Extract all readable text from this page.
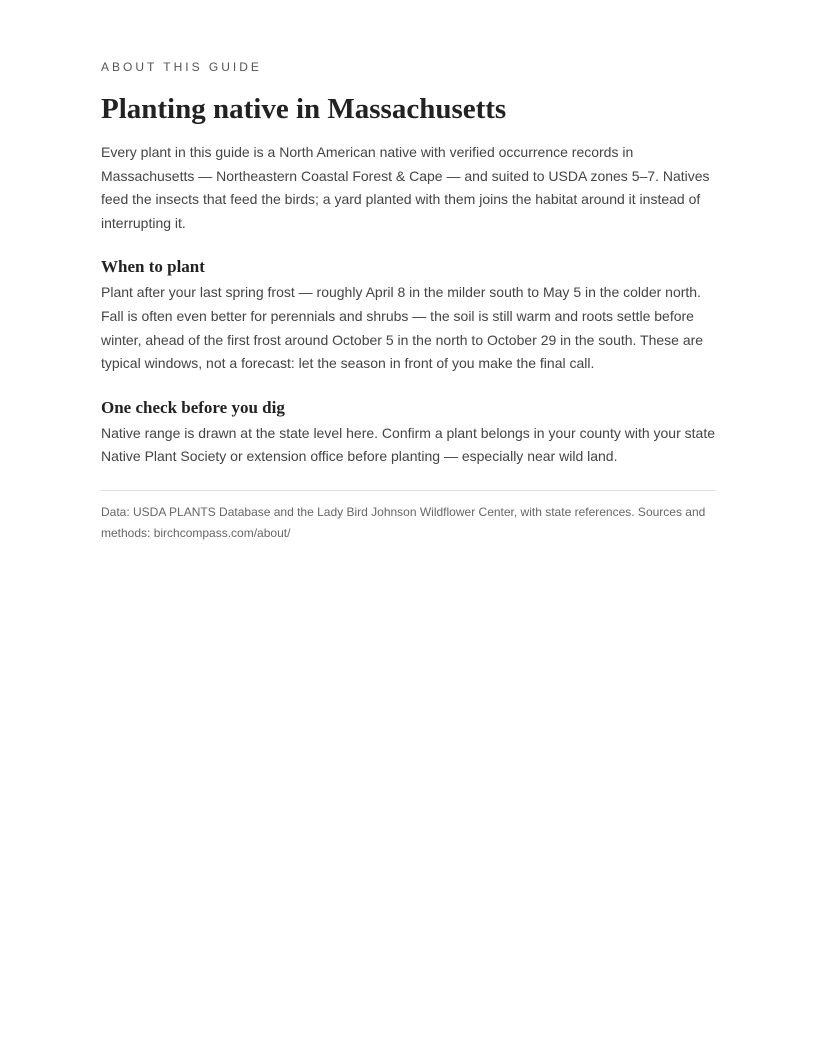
ABOUT THIS GUIDE

Planting native in Massachusetts

Every plant in this guide is a North American native with verified occurrence records in Massachusetts — Northeastern Coastal Forest & Cape — and suited to USDA zones 5–7. Natives feed the insects that feed the birds; a yard planted with them joins the habitat around it instead of interrupting it.

When to plant

Plant after your last spring frost — roughly April 8 in the milder south to May 5 in the colder north. Fall is often even better for perennials and shrubs — the soil is still warm and roots settle before winter, ahead of the first frost around October 5 in the north to October 29 in the south. These are typical windows, not a forecast: let the season in front of you make the final call.

One check before you dig

Native range is drawn at the state level here. Confirm a plant belongs in your county with your state Native Plant Society or extension office before planting — especially near wild land.

Data: USDA PLANTS Database and the Lady Bird Johnson Wildflower Center, with state references. Sources and methods: birchcompass.com/about/
